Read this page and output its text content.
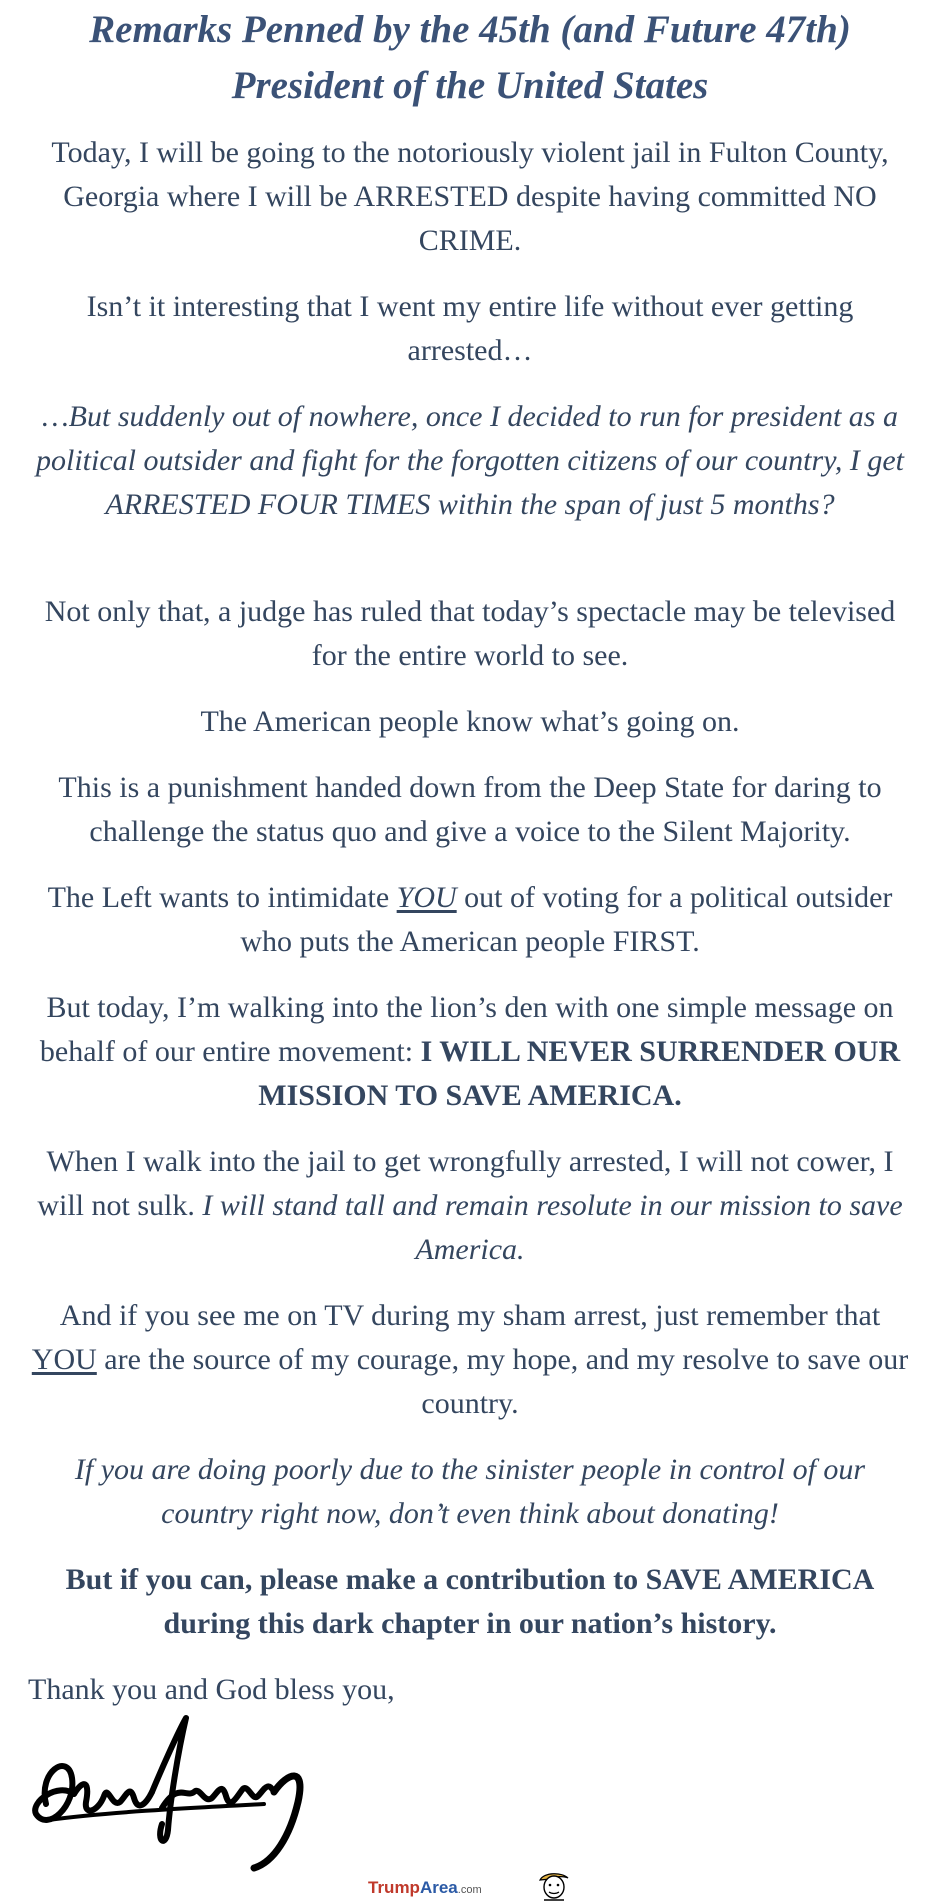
Remarks Penned by the 45th (and Future 47th)
President of the United States

Today, I will be going to the notoriously violent jail in Fulton County, Georgia where I will be ARRESTED despite having committed NO CRIME.

Isn’t it interesting that I went my entire life without ever getting arrested…

…But suddenly out of nowhere, once I decided to run for president as a political outsider and fight for the forgotten citizens of our country, I get ARRESTED FOUR TIMES within the span of just 5 months?

Not only that, a judge has ruled that today’s spectacle may be televised for the entire world to see.

The American people know what’s going on.

This is a punishment handed down from the Deep State for daring to challenge the status quo and give a voice to the Silent Majority.

The Left wants to intimidate YOU out of voting for a political outsider who puts the American people FIRST.

But today, I’m walking into the lion’s den with one simple message on behalf of our entire movement: I WILL NEVER SURRENDER OUR MISSION TO SAVE AMERICA.

When I walk into the jail to get wrongfully arrested, I will not cower, I will not sulk. I will stand tall and remain resolute in our mission to save America.

And if you see me on TV during my sham arrest, just remember that YOU are the source of my courage, my hope, and my resolve to save our country.

If you are doing poorly due to the sinister people in control of our country right now, don’t even think about donating!

But if you can, please make a contribution to SAVE AMERICA during this dark chapter in our nation’s history.

Thank you and God bless you,

TrumpArea.com
